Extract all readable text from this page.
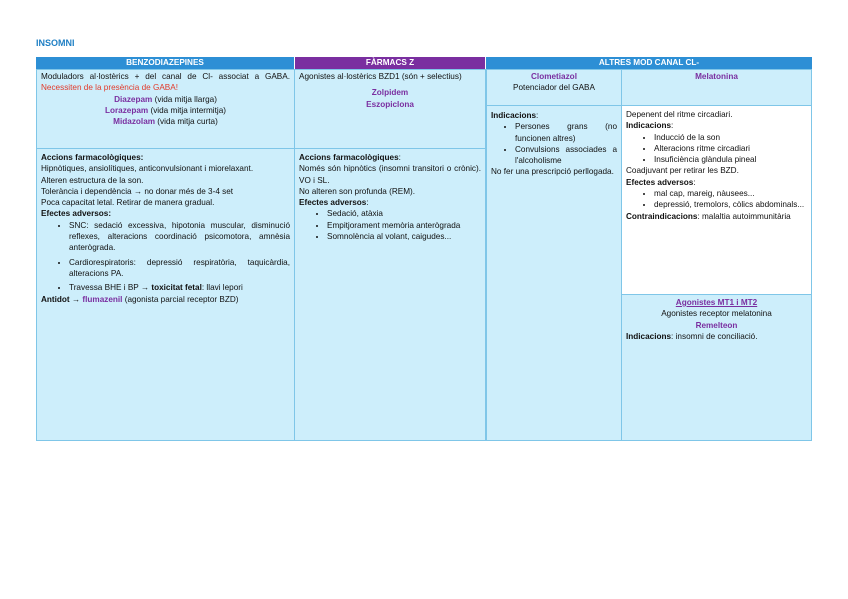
INSOMNI
BENZODIAZEPINES
Moduladors al·lostèrics + del canal de Cl- associat a GABA. Necessiten de la presència de GABA!
Diazepam (vida mitja llarga)
Lorazepam (vida mitja intermitja)
Midazolam (vida mitja curta)

Accions farmacològiques:

Hipnòtiques, ansiolítiques, anticonvulsionant i miorelaxant.

Alteren estructura de la son.

Tolerància i dependència → no donar més de 3-4 set

Poca capacitat letal. Retirar de manera gradual.

Efectes adversos:

• SNC: sedació excessiva, hipotonia muscular, disminució reflexes, alteracions coordinació psicomotora, amnèsia anterògrada.
• Cardiorespiratoris: depressió respiratòria, taquicàrdia, alteracions PA.
• Travessa BHE i BP → toxicitat fetal: llavi lepori

Antidot → flumazenil (agonista parcial receptor BZD)

FÀRMACS Z

Agonistes al·lostèrics BZD1 (són + selectius)

Zolpidem
Eszopiclona

Accions farmacològiques:

Només són hipnòtics (insomni transitori o crònic). VO i SL.

No alteren son profunda (REM).

Efectes adversos:

• Sedació, atàxia
• Empitjorament memòria anterògrada
• Somnolència al volant, caigudes...
ALTRES MOD CANAL CL-
Clometiazol
Potenciador del GABA

Indicacions:

• Persones grans (no funcionen altres)
• Convulsions associades a l'alcoholisme

No fer una prescripció perllogada.

Melatonina

Depenent del ritme circadiari.

Indicacions:

• Inducció de la son
• Alteracions ritme circadiari
• Insuficiència glàndula pineal

Coadjuvant per retirar les BZD.

Efectes adversos:

• mal cap, mareig, nàusees...
• depressió, tremolors, còlics abdominals...

Contraindicacions: malaltia autoimmunitària

Agonistes MT1 i MT2
Agonistes receptor melatonina
Remelteon

Indicacions: insomni de conciliació.
